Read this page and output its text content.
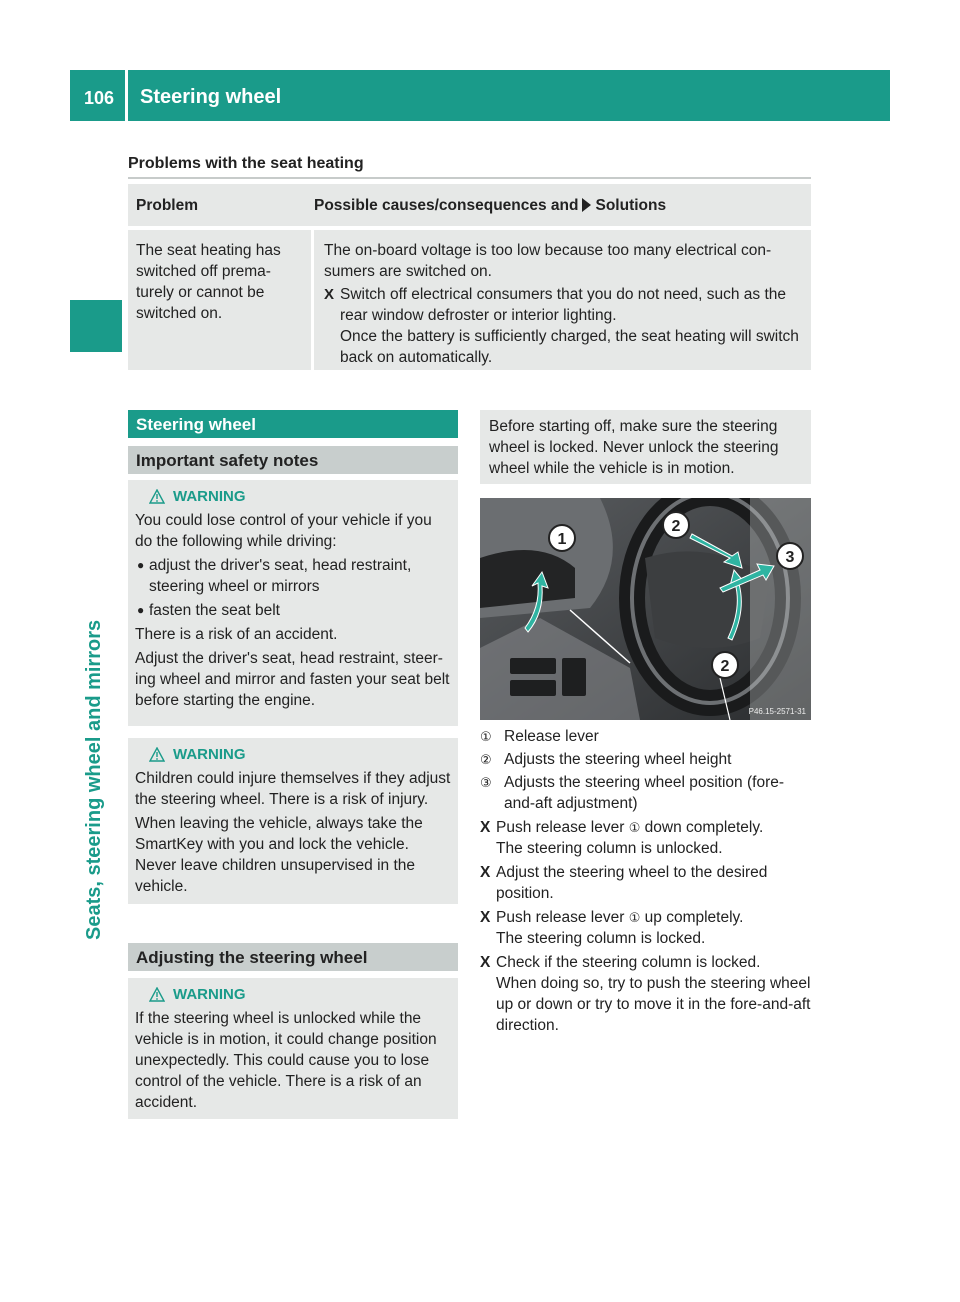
106 Steering wheel
Seats, steering wheel and mirrors
Problems with the seat heating
Problem	Possible causes/consequences and Solutions
The seat heating has switched off prema-turely or cannot be switched on.
The on-board voltage is too low because too many electrical con-sumers are switched on.
X Switch off electrical consumers that you do not need, such as the rear window defroster or interior lighting.
Once the battery is sufficiently charged, the seat heating will switch back on automatically.
Steering wheel
Important safety notes
WARNING

You could lose control of your vehicle if you do the following while driving:

● adjust the driver's seat, head restraint, steering wheel or mirrors
● fasten the seat belt

There is a risk of an accident.

Adjust the driver's seat, head restraint, steer-ing wheel and mirror and fasten your seat belt before starting the engine.

WARNING

Children could injure themselves if they adjust the steering wheel. There is a risk of injury.

When leaving the vehicle, always take the SmartKey with you and lock the vehicle. Never leave children unsupervised in the vehicle.

Adjusting the steering wheel
WARNING

If the steering wheel is unlocked while the vehicle is in motion, it could change position unexpectedly. This could cause you to lose control of the vehicle. There is a risk of an accident.

Before starting off, make sure the steering wheel is locked. Never unlock the steering wheel while the vehicle is in motion.
1
2
3
2
P46.15-2571-31
① Release lever
② Adjusts the steering wheel height
③ Adjusts the steering wheel position (fore-and-aft adjustment)
X Push release lever ① down completely.
The steering column is unlocked.
X Adjust the steering wheel to the desired position.
X Push release lever ① up completely.
The steering column is locked.
X Check if the steering column is locked.
When doing so, try to push the steering wheel up or down or try to move it in the fore-and-aft direction.
